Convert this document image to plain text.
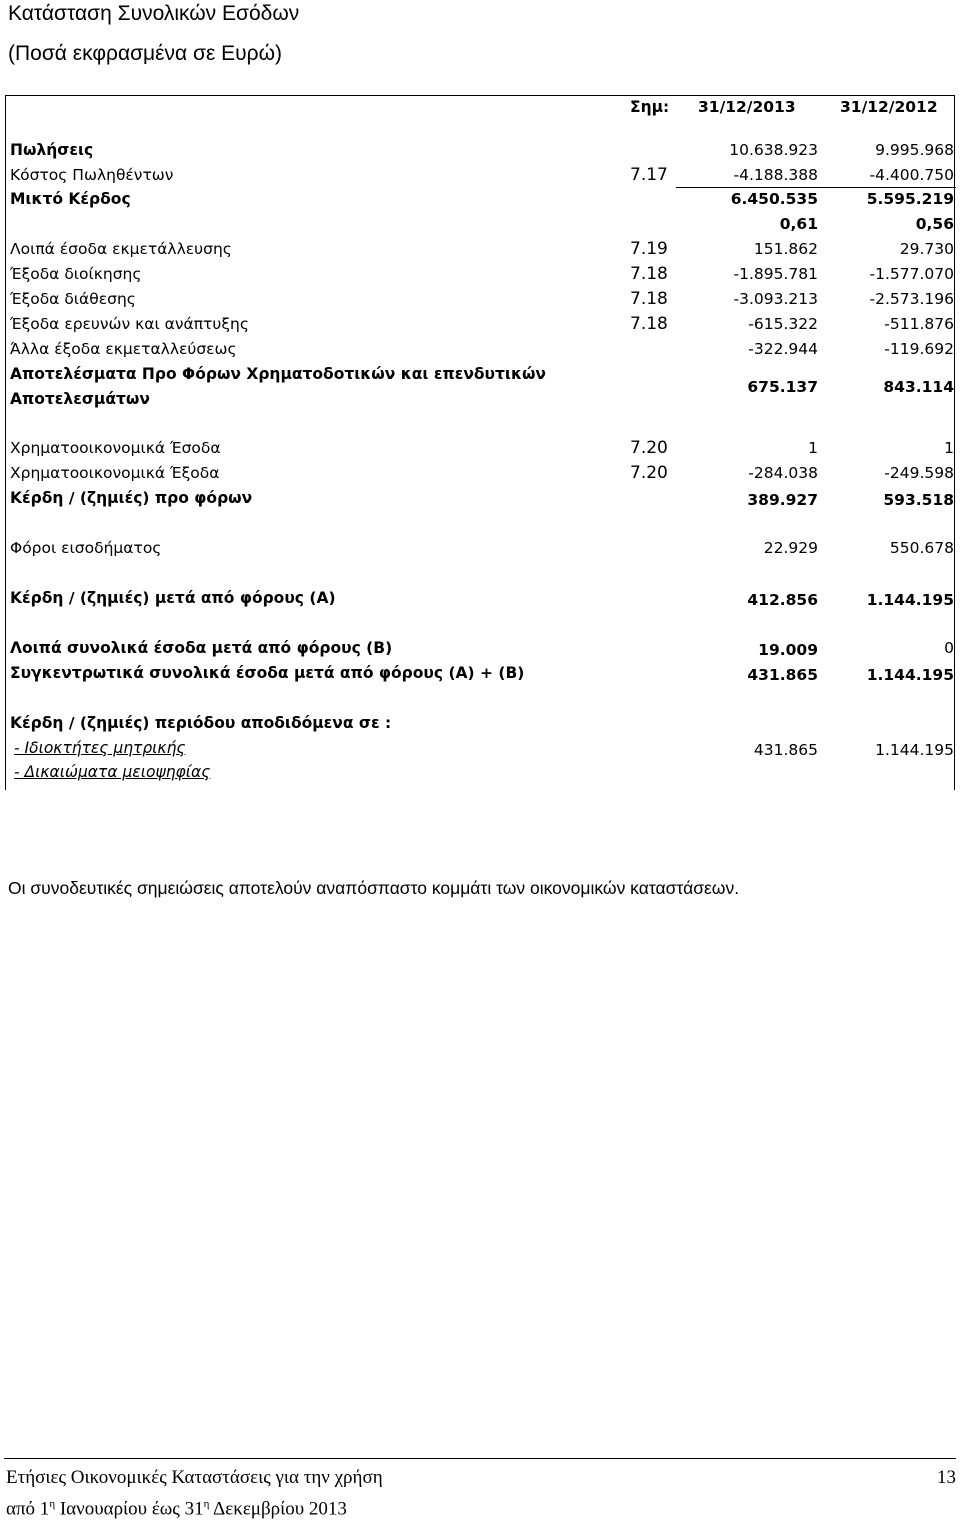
Κατάσταση Συνολικών Εσόδων
(Ποσά εκφρασμένα σε Ευρώ)
Σημ: 31/12/2013	31/12/2012
Πωλήσεις	10.638.923	9.995.968
Κόστος Πωληθέντων	7.17	-4.188.388	-4.400.750
Μικτό Κέρδος	6.450.535	5.595.219
0,61	0,56
Λοιπά έσοδα εκμετάλλευσης	7.19	151.862	29.730
Έξοδα διοίκησης	7.18	-1.895.781	-1.577.070
Έξοδα διάθεσης	7.18	-3.093.213	-2.573.196
Έξοδα ερευνών και ανάπτυξης	7.18	-615.322	-511.876
Άλλα έξοδα εκμεταλλεύσεως	-322.944	-119.692
Αποτελέσματα Προ Φόρων Χρηματοδοτικών και επενδυτικών
Αποτελεσμάτων
675.137	843.114
Χρηματοοικονομικά Έσοδα	7.20	1	1
Χρηματοοικονομικά Έξοδα	7.20	-284.038	-249.598
Κέρδη / (ζημιές) προ φόρων	389.927	593.518
Φόροι εισοδήματος	22.929	550.678
Κέρδη / (ζημιές) μετά από φόρους (Α)	412.856	1.144.195
Λοιπά συνολικά έσοδα μετά από φόρους (Β)	19.009	0
Συγκεντρωτικά συνολικά έσοδα μετά από φόρους (Α) + (Β)	431.865	1.144.195
Κέρδη / (ζημιές) περιόδου αποδιδόμενα σε :
- Ιδιοκτήτες μητρικής	431.865	1.144.195
- Δικαιώματα μειοψηφίας
Οι συνοδευτικές σημειώσεις αποτελούν αναπόσπαστο κομμάτι των οικονομικών καταστάσεων.
Ετήσιες Οικονομικές Καταστάσεις για την χρήση	13
από $1^\eta$ Ιανουαρίου έως $31^\eta$ Δεκεμβρίου 2013
